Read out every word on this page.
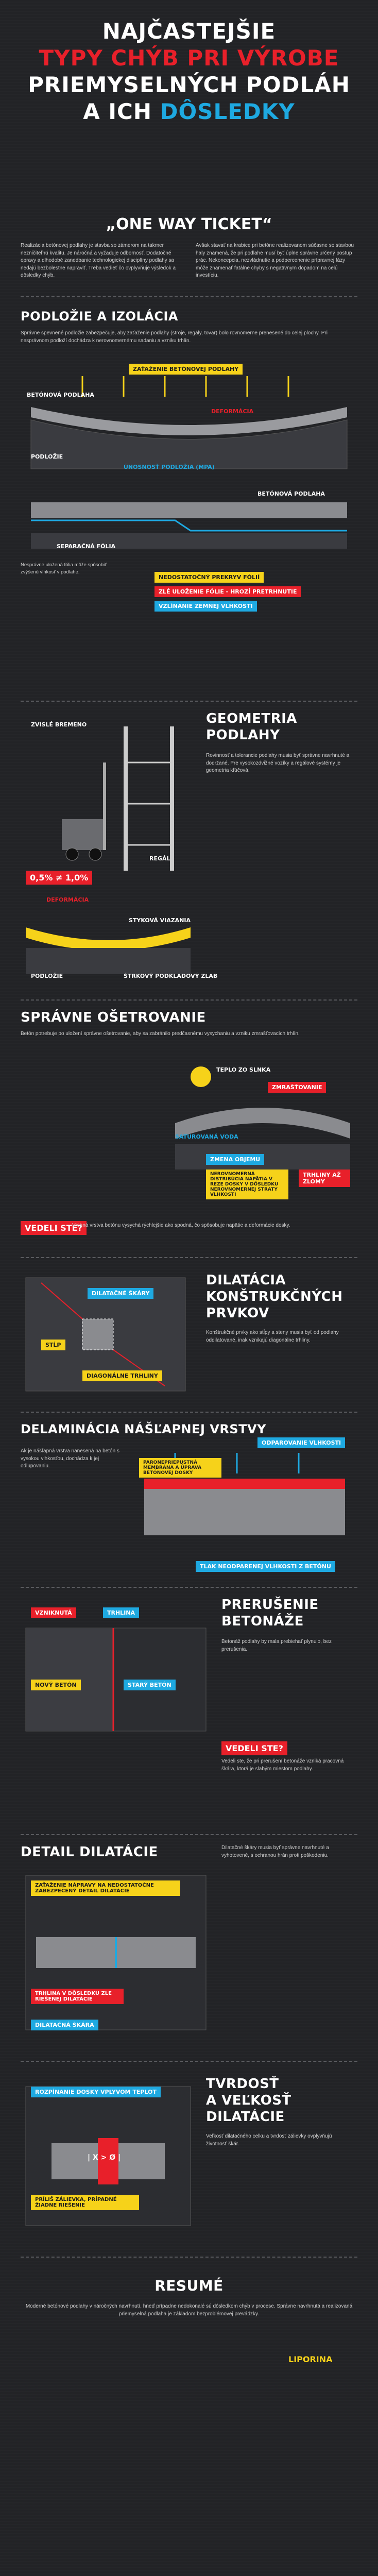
NAJČASTEJŠIE
TYPY CHÝB PRI VÝROBE
PRIEMYSELNÝCH PODLÁH
A ICH DÔSLEDKY
„ONE WAY TICKET“
Realizácia betónovej podlahy je stavba so zámerom na takmer nezničiteľnú kvalitu. Je náročná a vyžaduje odbornosť. Dodatočné opravy a dlhodobé zanedbanie technologickej disciplíny podlahy sa nedajú bezbolestne napraviť. Treba vedieť čo ovplyvňuje výsledok a dôsledky chýb.
Avšak stavať na krabice pri betóne realizovanom súčasne so stavbou haly znamená, že pri podlahe musí byť úplne správne určený postup prác. Nekoncepcia, nezvládnutie a podpercenenie prípravnej fázy môže znamenať fatálne chyby s negatívnym dopadom na celú investíciu.
PODLOŽIE A IZOLÁCIA
Správne spevnené podložie zabezpečuje, aby zaťaženie podlahy (stroje, regály, tovar) bolo rovnomerne prenesené do celej plochy. Pri nesprávnom podloží dochádza k nerovnomernému sadaniu a vzniku trhlín.
ZAŤAŽENIE BETÓNOVEJ PODLAHY
BETÓNOVÁ PODLAHA
DEFORMÁCIA
PODLOŽIE
ÚNOSNOSŤ PODLOŽIA (MPA)
SEPARAČNÁ FÓLIA
BETÓNOVÁ PODLAHA
Nesprávne uložená fólia môže spôsobiť zvýšenú vlhkosť v podlahe.
NEDOSTATOČNÝ PREKRYV FÓLIÍ
ZLÉ ULOŽENIE FÓLIE - HROZÍ PRETRHNUTIE
VZLÍNANIE ZEMNEJ VLHKOSTI
GEOMETRIA
PODLAHY
Rovinnosť a tolerancie podlahy musia byť správne navrhnuté a dodržané. Pre vysokozdvižné vozíky a regálové systémy je geometria kľúčová.
ZVISLÉ BREMENO
REGÁL
0,5% ≠ 1,0%
DEFORMÁCIA
STYKOVÁ VIAZANIA
PODLOŽIE	ŠTRKOVÝ PODKLADOVÝ ZLAB
SPRÁVNE OŠETROVANIE
Betón potrebuje po uložení správne ošetrovanie, aby sa zabránilo predčasnému vysychaniu a vzniku zmrašťovacích trhlín.
TEPLO ZO SLNKA
ZMRAŠŤOVANIE
SATUROVANÁ VODA
NEROVNOMERNÁ DISTRIBÚCIA NAPÄTIA V REZE DOSKY V DÔSLEDKU NEROVNOMERNEJ STRATY VLHKOSTI
TRHLINY AŽ ZLOMY
ZMENA OBJEMU
VEDELI STE?
Vrchná vrstva betónu vysychá rýchlejšie ako spodná, čo spôsobuje napätie a deformácie dosky.
DILATÁCIA
KONŠTRUKČNÝCH
PRVKOV
Konštrukčné prvky ako stĺpy a steny musia byť od podlahy oddilatované, inak vznikajú diagonálne trhliny.
DILATAČNÉ ŠKÁRY
STĹP
DIAGONÁLNE TRHLINY
DELAMINÁCIA NÁŠĽAPNEJ VRSTVY
Ak je nášľapná vrstva nanesená na betón s vysokou vlhkosťou, dochádza k jej odlupovaniu.
ODPAROVANIE VLHKOSTI
PARONEPRIEPUSTNÁ MEMBRÁNA A ÚPRAVA BETÓNOVEJ DOSKY
TLAK NEODPARENEJ VLHKOSTI Z BETÓNU
PRERUŠENIE
BETONÁŽE
Betonáž podlahy by mala prebiehať plynulo, bez prerušenia.
VZNIKNUTÁ	TRHLINA
NOVÝ BETÓN	STARÝ BETÓN
VEDELI STE?
Vedeli ste, že pri prerušení betonáže vzniká pracovná škára, ktorá je slabým miestom podlahy.
DETAIL DILATÁCIE	Dilatačné škáry musia byť správne navrhnuté a vyhotovené, s ochranou hrán proti poškodeniu.
ZAŤAŽENIE NÁPRAVY NA NEDOSTATOČNE ZABEZPEČENÝ DETAIL DILATÁCIE
TRHLINA V DÔSLEDKU ZLE RIEŠENEJ DILATÁCIE
DILATAČNÁ ŠKÁRA
TVRDOSŤ
A VEĽKOSŤ
DILATÁCIE
Veľkosť dilatačného celku a tvrdosť zálievky ovplyvňujú životnosť škár.
ROZPÍNANIE DOSKY VPLYVOM TEPLOT
| X > Ø |
PRÍLIŠ ZÁLIEVKA, PRÍPADNÉ ŽIADNE RIEŠENIE
RESUMÉ
Moderné betónové podlahy v náročných navrhnutí, hneď prípadne nedokonalé sú dôsledkom chýb v procese. Správne navrhnutá a realizovaná priemyselná podlaha je základom bezproblémovej prevádzky.
LIPORINA
